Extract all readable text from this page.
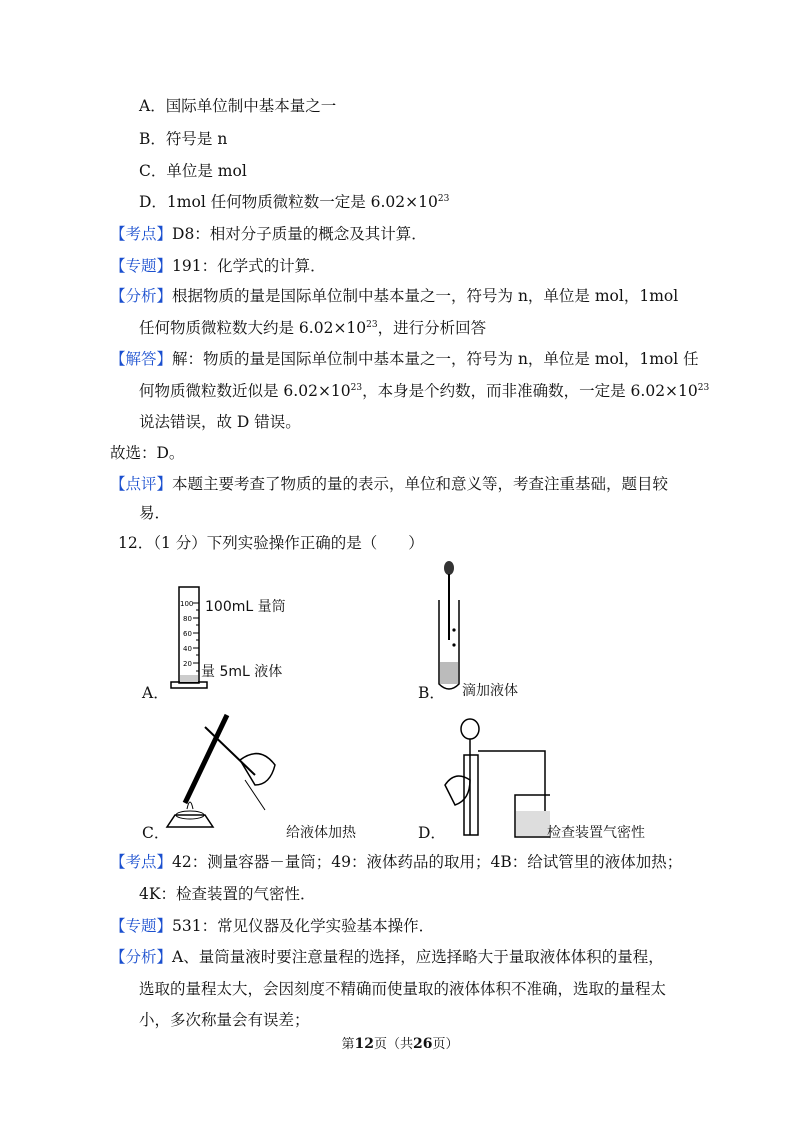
A．国际单位制中基本量之一
B．符号是 n
C．单位是 mol
D．1mol 任何物质微粒数一定是 $6.02\times 10^{23}$
【考点】D8：相对分子质量的概念及其计算．
【专题】191：化学式的计算．
【分析】根据物质的量是国际单位制中基本量之一，符号为 n，单位是 mol，1mol
任何物质微粒数大约是 $6.02\times 10^{23}$，进行分析回答
【解答】解：物质的量是国际单位制中基本量之一，符号为 n，单位是 mol，1mol 任
何物质微粒数近似是 $6.02\times 10^{23}$，本身是个约数，而非准确数，一定是 $6.02\times 10^{23}$
说法错误，故 D 错误。
故选：D。
【点评】本题主要考查了物质的量的表示，单位和意义等，考查注重基础，题目较
易．
12．（1 分）下列实验操作正确的是（　　）
A．
100
80
60
40
20
100mL 量筒
量 5mL 液体
B． 滴加液体
C．	给液体加热	D．	检查装置气密性
【考点】42：测量容器－量筒；49：液体药品的取用；4B：给试管里的液体加热；
4K：检查装置的气密性．
【专题】531：常见仪器及化学实验基本操作．
【分析】A、量筒量液时要注意量程的选择，应选择略大于量取液体体积的量程，
选取的量程太大，会因刻度不精确而使量取的液体体积不准确，选取的量程太
小，多次称量会有误差；
第12页（共26页）
